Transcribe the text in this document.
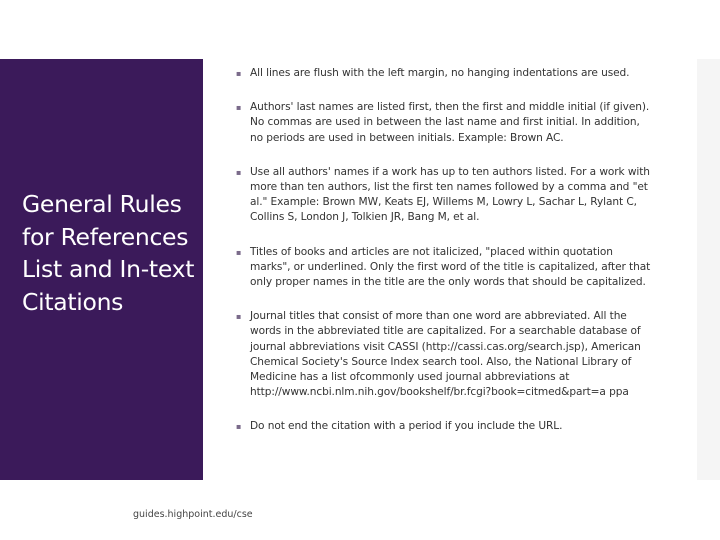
General Rules for References List and In-text Citations
▪ All lines are flush with the left margin, no hanging indentations are used.
▪ Authors' last names are listed first, then the first and middle initial (if given). No commas are used in between the last name and first initial. In addition, no periods are used in between initials. Example: Brown AC.
▪ Use all authors' names if a work has up to ten authors listed. For a work with more than ten authors, list the first ten names followed by a comma and "et al." Example: Brown MW, Keats EJ, Willems M, Lowry L, Sachar L, Rylant C, Collins S, London J, Tolkien JR, Bang M, et al.
▪ Titles of books and articles are not italicized, "placed within quotation marks", or underlined. Only the first word of the title is capitalized, after that only proper names in the title are the only words that should be capitalized.
▪ Journal titles that consist of more than one word are abbreviated. All the words in the abbreviated title are capitalized. For a searchable database of journal abbreviations visit CASSI (http://cassi.cas.org/search.jsp), American Chemical Society's Source Index search tool. Also, the National Library of Medicine has a list ofcommonly used journal abbreviations at http://www.ncbi.nlm.nih.gov/bookshelf/br.fcgi?book=citmed&part=a ppa
▪ Do not end the citation with a period if you include the URL.
guides.highpoint.edu/cse
